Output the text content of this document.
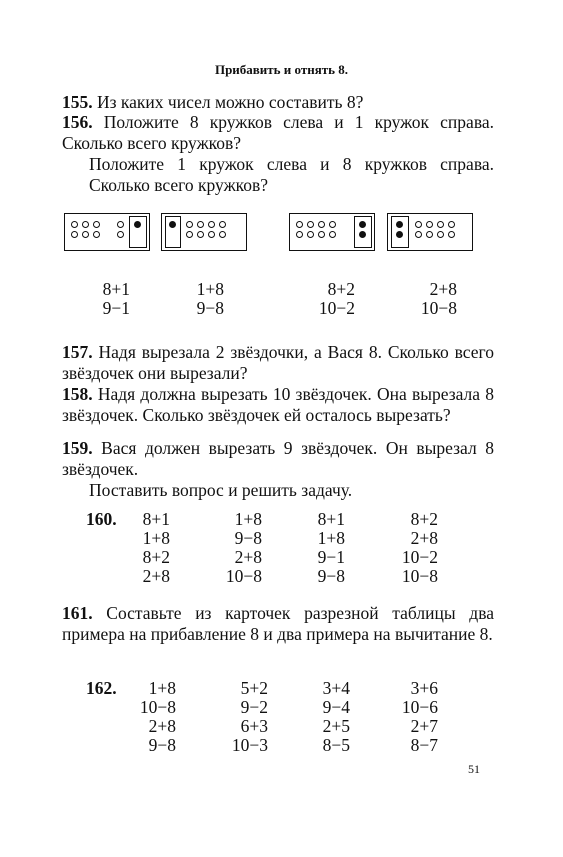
Прибавить и отнять 8.
155. Из каких чисел можно составить 8?
156. Положите 8 кружков слева и 1 кружок справа. Сколько всего кружков?
Положите 1 кружок слева и 8 кружков справа. Сколько всего кружков?
8+1
9−1
1+8
9−8
8+2
10−2
2+8
10−8
157. Надя вырезала 2 звёздочки, а Вася 8. Сколько всего звёздочек они вырезали?
158. Надя должна вырезать 10 звёздочек. Она вырезала 8 звёздочек. Сколько звёздочек ей осталось вырезать?
159. Вася должен вырезать 9 звёздочек. Он вырезал 8 звёздочек.
Поставить вопрос и решить задачу.
160.	8+1
1+8
8+2
2+8
1+8
9−8
2+8
10−8
8+1
1+8
9−1
9−8
8+2
2+8
10−2
10−8
161. Составьте из карточек разрезной таблицы два примера на прибавление 8 и два примера на вычитание 8.
162.	1+8
10−8
2+8
9−8
5+2
9−2
6+3
10−3
3+4
9−4
2+5
8−5
3+6
10−6
2+7
8−7
51
